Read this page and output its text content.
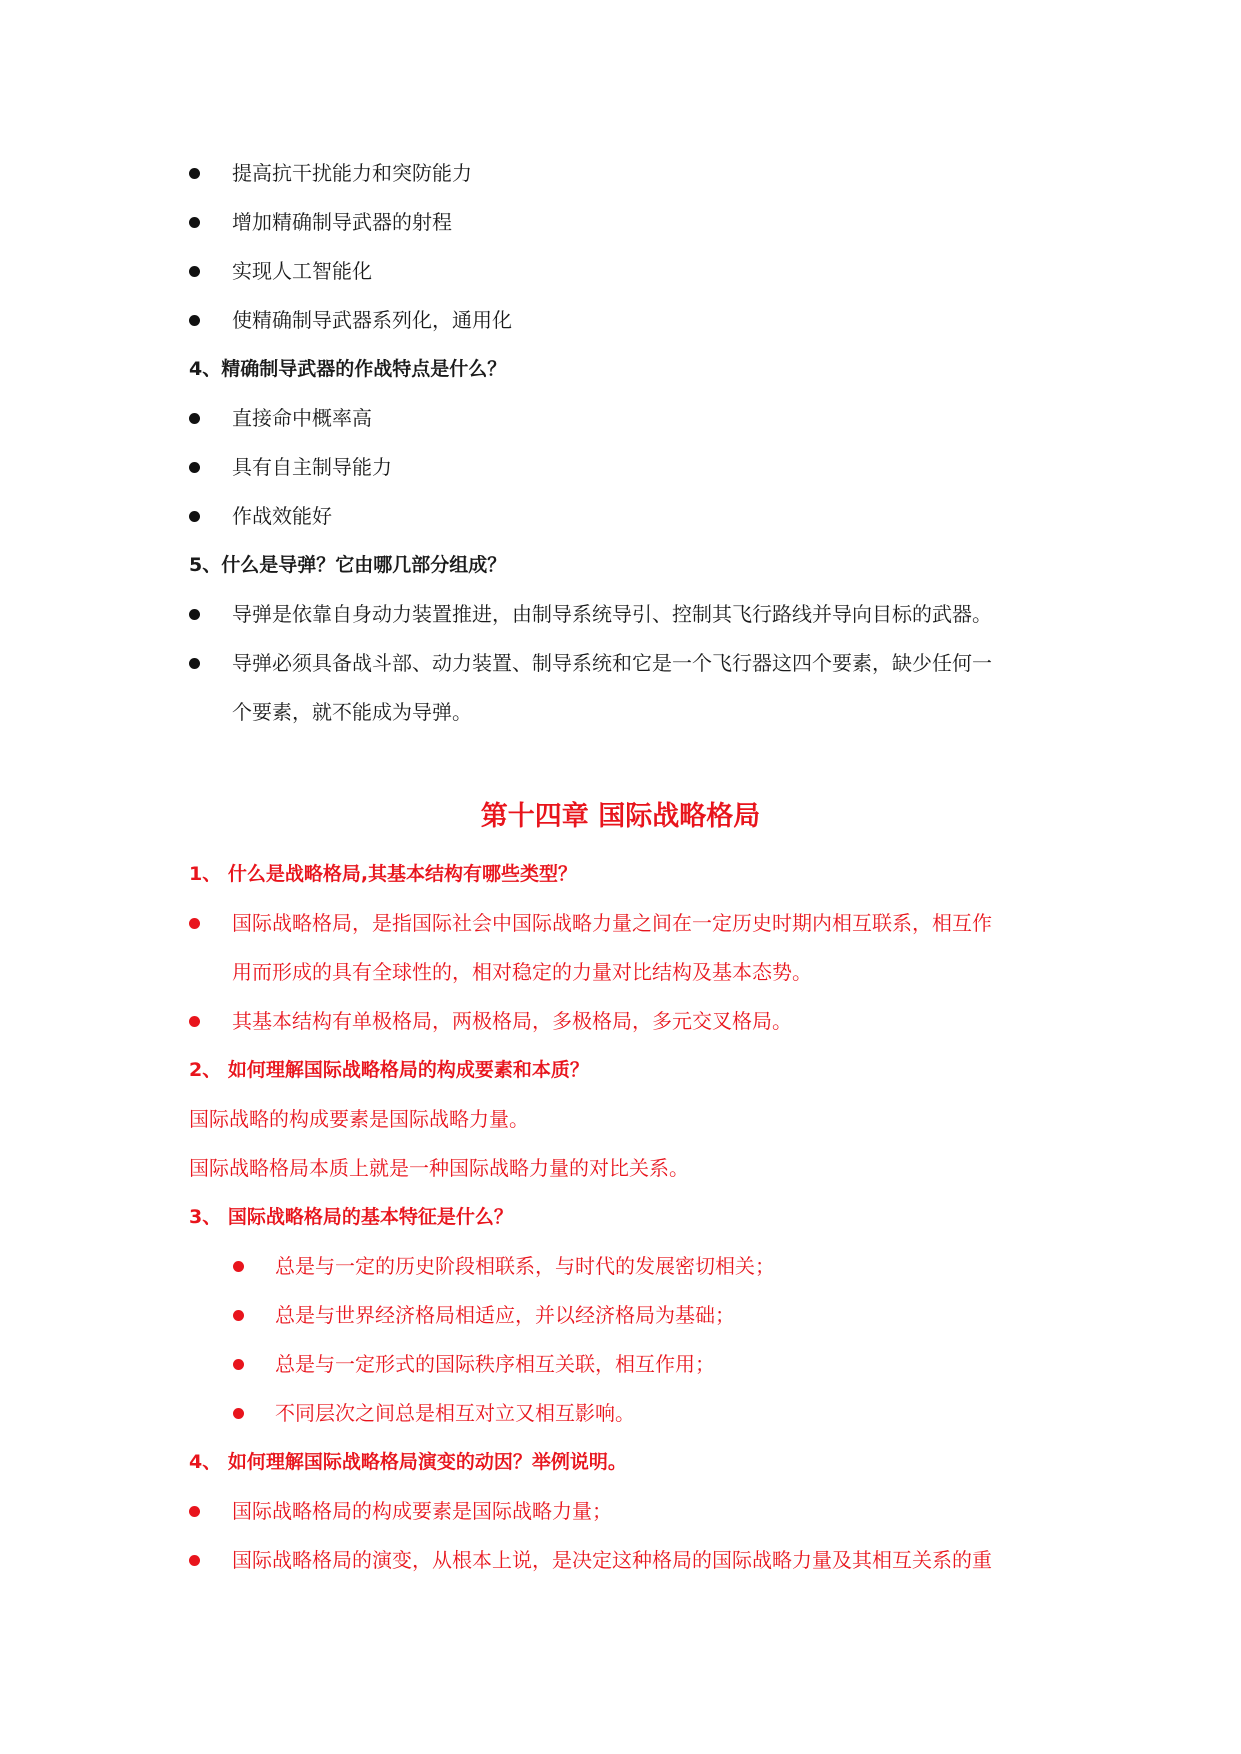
提高抗干扰能力和突防能力
增加精确制导武器的射程
实现人工智能化
使精确制导武器系列化，通用化
4、精确制导武器的作战特点是什么？
直接命中概率高
具有自主制导能力
作战效能好
5、什么是导弹？它由哪几部分组成？
导弹是依靠自身动力装置推进，由制导系统导引、控制其飞行路线并导向目标的武器。
导弹必须具备战斗部、动力装置、制导系统和它是一个飞行器这四个要素，缺少任何一
个要素，就不能成为导弹。
第十四章 国际战略格局
1、 什么是战略格局,其基本结构有哪些类型？
国际战略格局，是指国际社会中国际战略力量之间在一定历史时期内相互联系，相互作
用而形成的具有全球性的，相对稳定的力量对比结构及基本态势。
其基本结构有单极格局，两极格局，多极格局，多元交叉格局。
2、 如何理解国际战略格局的构成要素和本质？
国际战略的构成要素是国际战略力量。
国际战略格局本质上就是一种国际战略力量的对比关系。
3、 国际战略格局的基本特征是什么？
总是与一定的历史阶段相联系，与时代的发展密切相关；
总是与世界经济格局相适应，并以经济格局为基础；
总是与一定形式的国际秩序相互关联，相互作用；
不同层次之间总是相互对立又相互影响。
4、 如何理解国际战略格局演变的动因？举例说明。
国际战略格局的构成要素是国际战略力量；
国际战略格局的演变，从根本上说，是决定这种格局的国际战略力量及其相互关系的重
